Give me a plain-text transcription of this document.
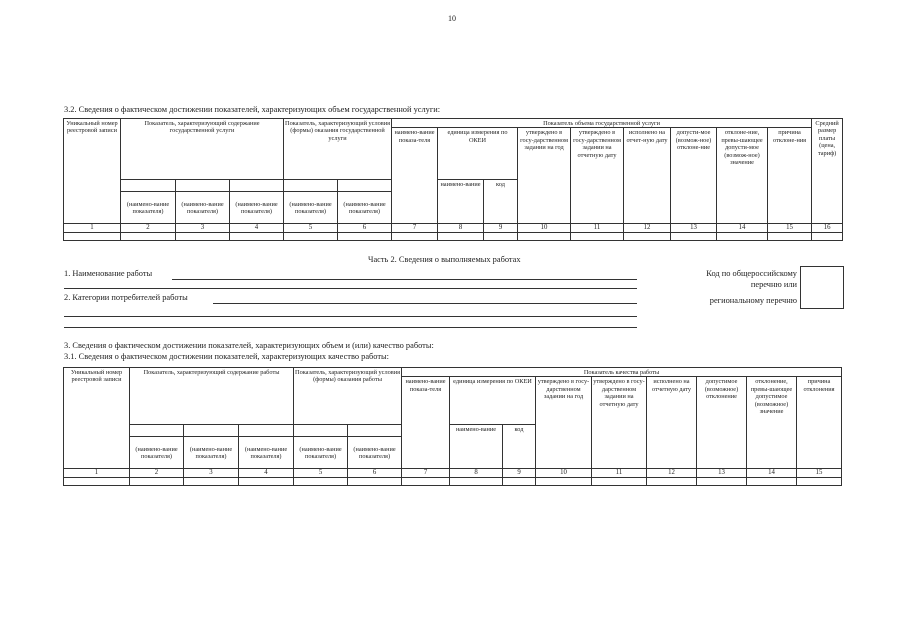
10
3.2. Сведения о фактическом достижении показателей, характеризующих объем государственной услуги:
Уникальный номер реестровой записи	Показатель, характеризующий содержание государственной услуги			Показатель, характеризующий условия (формы) оказания государственной услуги		Показатель объема государственной услуги									Средний размер платы (цена, тариф)
						наимено-вание показа-теля	единица измерения по ОКЕИ		утверждено в госу-дарственном задании на год	утверждено в госу-дарственном задании на отчетную дату	исполнено на отчет-ную дату	допусти-мое (возмож-ное) отклоне-ние	отклоне-ние, превы-шающее допусти-мое (возмож-ное) значение	причина отклоне-ния	
							наимено-вание	код							
	(наимено-вание показателя)	(наимено-вание показателя)	(наимено-вание показателя)	(наимено-вание показателя)	(наимено-вание показателя)										
1	2	3	4	5	6	7	8	9	10	11	12	13	14	15	16

Часть 2. Сведения о выполняемых работах
1. Наименование работы
2. Категории потребителей работы
Код по общероссийскому
перечню или
региональному перечню
3. Сведения о фактическом достижении показателей, характеризующих объем и (или) качество работы:
3.1. Сведения о фактическом достижении показателей, характеризующих качество работы:
Уникальный номер реестровой записи	Показатель, характеризующий содержание работы			Показатель, характеризующий условия (формы) оказания работы		Показатель качества работы								
						наимено-вание показа-теля	единица измерения по ОКЕИ		утверждено в госу-дарственном задании на год	утверждено в госу-дарственном задании на отчетную дату	исполнено на отчетную дату	допустимое (возможное) отклонение	отклонение, превы-шающее допустимое (возможное) значение	причина отклонения
							наимено-вание	код						
	(наимено-вание показателя)	(наимено-вание показателя)	(наимено-вание показателя)	(наимено-вание показателя)	(наимено-вание показателя)									
1	2	3	4	5	6	7	8	9	10	11	12	13	14	15
